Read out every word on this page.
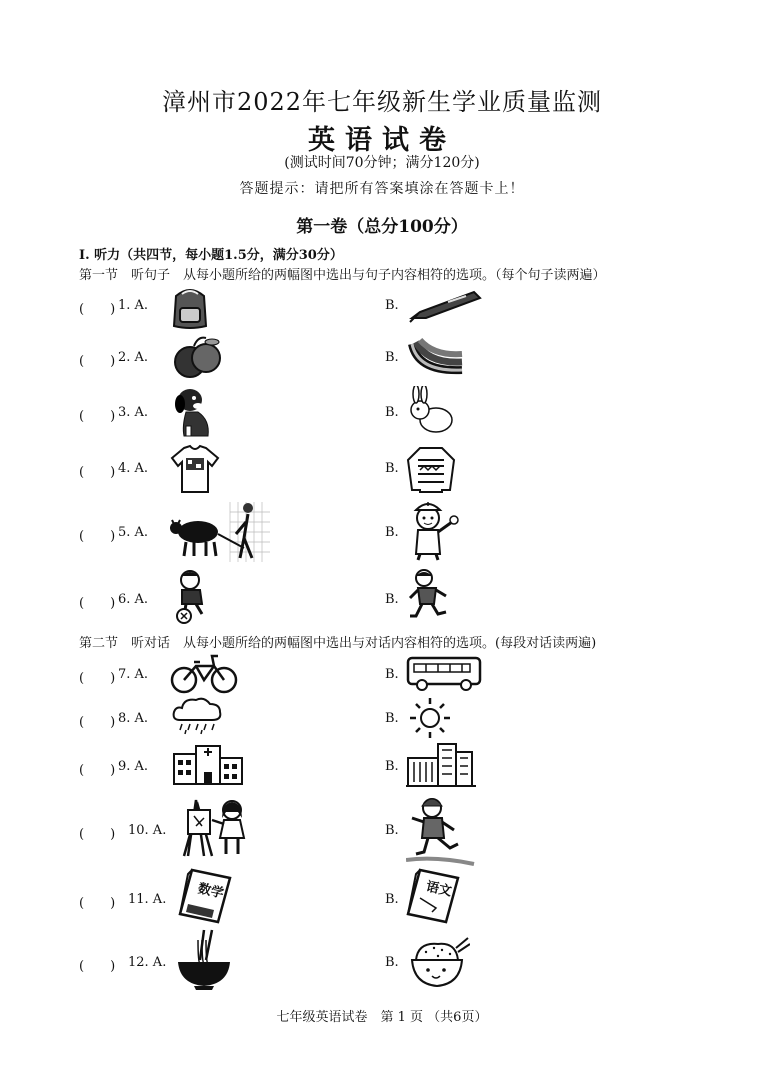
漳州市2022年七年级新生学业质量监测
英语试卷
(测试时间70分钟；满分120分)
答题提示：请把所有答案填涂在答题卡上！
第一卷（总分100分）
I. 听力（共四节，每小题1.5分，满分30分）
第一节　听句子　从每小题所给的两幅图中选出与句子内容相符的选项。（每个句子读两遍）
第二节　听对话　从每小题所给的两幅图中选出与对话内容相符的选项。(每段对话读两遍)
(　　) 1. A.	B.
(　　) 2. A.	B.
(　　) 3. A.	B.
(　　) 4. A.	B.
(　　) 5. A.	B.
(　　) 6. A.	B.
(　　) 7. A.	B.
(　　) 8. A.	B.
(　　) 9. A.	B.
(　　) 10. A.	B.
(　　) 11. A.	B.
(　　) 12. A.	B.
数学	语文
七年级英语试卷　第 1 页 （共6页）
